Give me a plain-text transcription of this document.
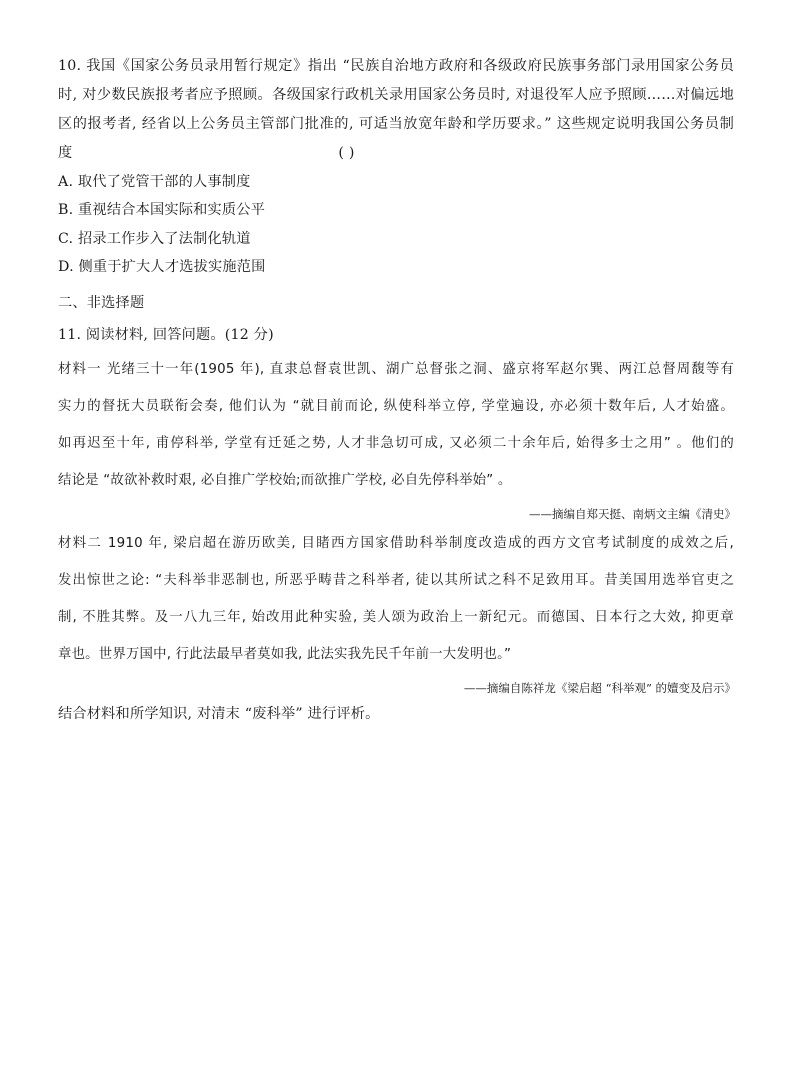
10. 我国《国家公务员录用暂行规定》指出 “民族自治地方政府和各级政府民族事务部门录用国家公务员
时, 对少数民族报考者应予照顾。各级国家行政机关录用国家公务员时, 对退役军人应予照顾……对偏远地
区的报考者, 经省以上公务员主管部门批准的, 可适当放宽年龄和学历要求。” 这些规定说明我国公务员制
度	( )
A. 取代了党管干部的人事制度
B. 重视结合本国实际和实质公平
C. 招录工作步入了法制化轨道
D. 侧重于扩大人才选拔实施范围
二、非选择题
11. 阅读材料, 回答问题。(12 分)
材料一 光绪三十一年(1905 年), 直隶总督袁世凯、湖广总督张之洞、盛京将军赵尔巽、两江总督周馥等有
实力的督抚大员联衔会奏, 他们认为 “就目前而论, 纵使科举立停, 学堂遍设, 亦必须十数年后, 人才始盛。
如再迟至十年, 甫停科举, 学堂有迁延之势, 人才非急切可成, 又必须二十余年后, 始得多士之用” 。他们的
结论是 “故欲补救时艰, 必自推广学校始;而欲推广学校, 必自先停科举始” 。
——摘编自郑天挺、南炳文主编《清史》
材料二 1910 年, 梁启超在游历欧美, 目睹西方国家借助科举制度改造成的西方文官考试制度的成效之后,
发出惊世之论: “夫科举非恶制也, 所恶乎畴昔之科举者, 徒以其所试之科不足致用耳。昔美国用选举官吏之
制, 不胜其弊。及一八九三年, 始改用此种实验, 美人颂为政治上一新纪元。而德国、日本行之大效, 抑更章
章也。世界万国中, 行此法最早者莫如我, 此法实我先民千年前一大发明也。”
——摘编自陈祥龙《梁启超 “科举观” 的嬗变及启示》
结合材料和所学知识, 对清末 “废科举” 进行评析。
